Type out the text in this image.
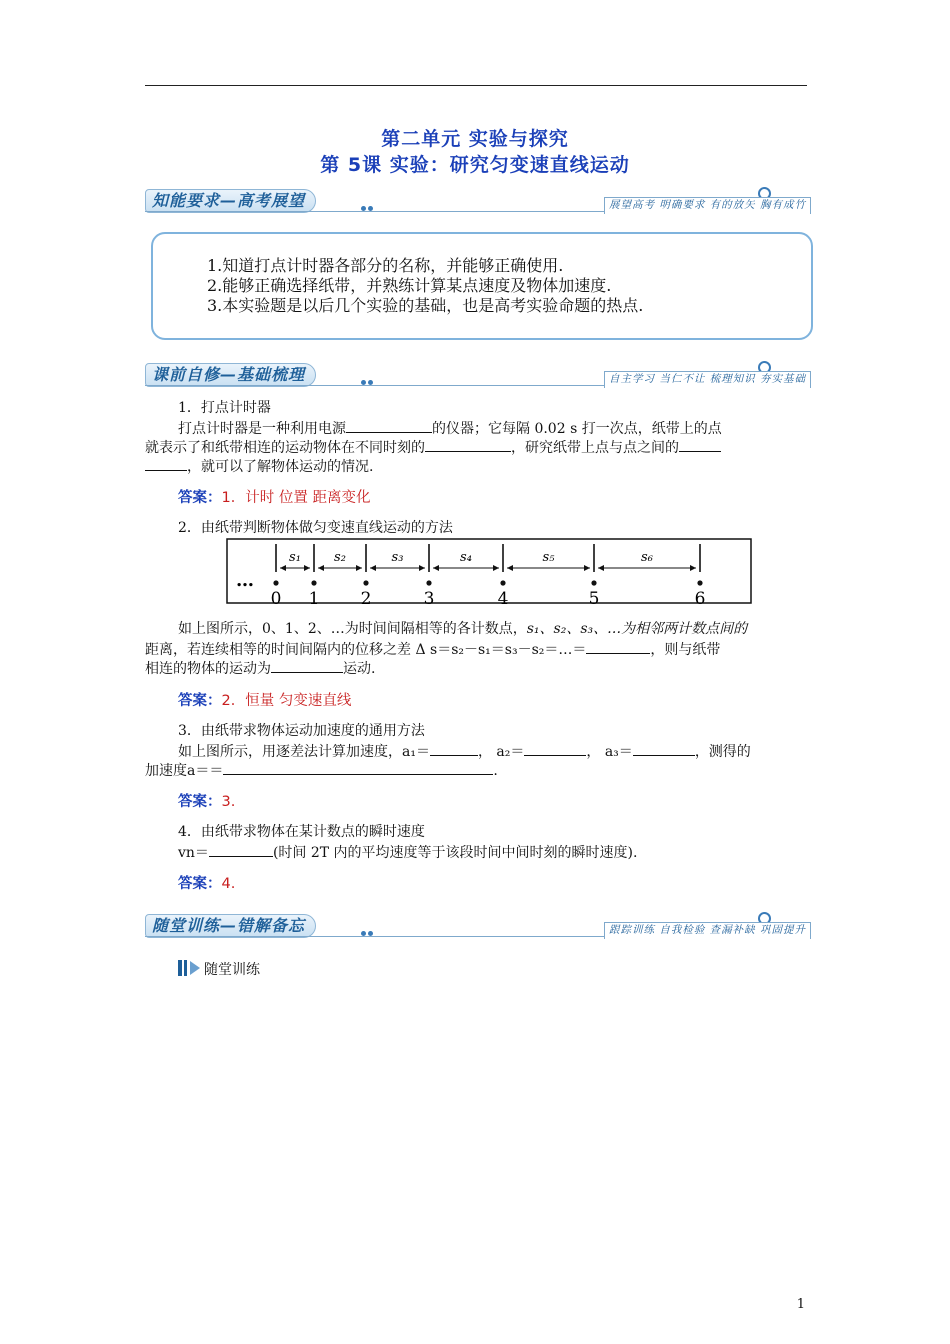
第二单元 实验与探究
第 5课 实验：研究匀变速直线运动
知能要求—高考展望	展望高考 明确要求 有的放矢 胸有成竹
1.知道打点计时器各部分的名称，并能够正确使用.
2.能够正确选择纸带，并熟练计算某点速度及物体加速度.
3.本实验题是以后几个实验的基础，也是高考实验命题的热点.
课前自修—基础梳理	自主学习 当仁不让 梳理知识 夯实基础
1．打点计时器
打点计时器是一种利用电源	的仪器；它每隔 0.02 s 打一次点，纸带上的点
就表示了和纸带相连的运动物体在不同时刻的	，研究纸带上点与点之间的
，就可以了解物体运动的情况.
答案：1．计时 位置 距离变化
2．由纸带判断物体做匀变速直线运动的方法
…
0 1 2	3	4	5	6
s₁	s₂	s₃	s₄	s₅	s₆
如上图所示，0、1、2、…为时间间隔相等的各计数点，s₁、s₂、s₃、…为相邻两计数点间的
距离，若连续相等的时间间隔内的位移之差 Δ s＝s₂－s₁＝s₃－s₂＝…＝	，则与纸带
相连的物体的运动为	运动.
答案：2．恒量 匀变速直线
3．由纸带求物体运动加速度的通用方法
如上图所示，用逐差法计算加速度，a₁＝	， a₂＝	， a₃＝	，测得的
加速度a＝＝	.
答案：3.
4．由纸带求物体在某计数点的瞬时速度
vn＝	(时间 2T 内的平均速度等于该段时间中间时刻的瞬时速度).
答案：4.
随堂训练—错解备忘	跟踪训练 自我检验 查漏补缺 巩固提升
随堂训练
1
